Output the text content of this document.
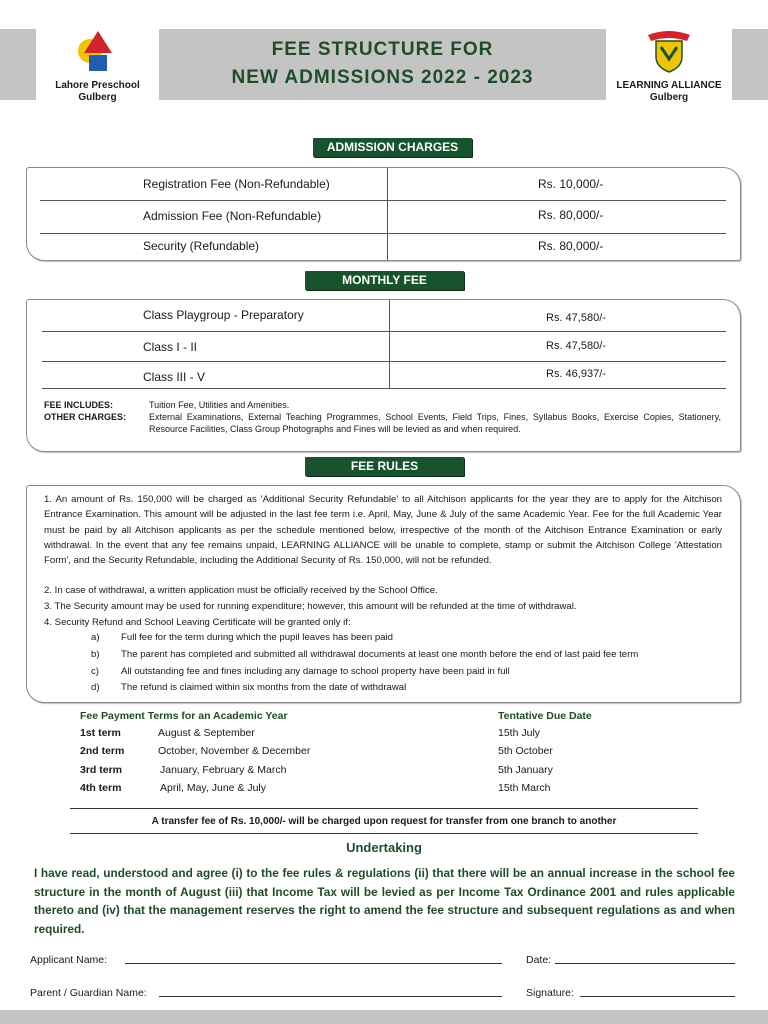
Lahore Preschool
Gulberg
FEE STRUCTURE FOR
NEW ADMISSIONS 2022 - 2023	LEARNING ALLIANCE
Gulberg
ADMISSION CHARGES
Registration Fee (Non-Refundable)	Rs. 10,000/-
Admission Fee (Non-Refundable)	Rs. 80,000/-
Security (Refundable)	Rs. 80,000/-
MONTHLY FEE
Class Playgroup - Preparatory	Rs. 47,580/-
Class I - II	Rs. 47,580/-
Class III - V	Rs. 46,937/-
FEE INCLUDES:	Tuition Fee, Utilities and Amenities.
OTHER CHARGES:	External Examinations, External Teaching Programmes, School Events, Field Trips, Fines, Syllabus Books, Exercise Copies, Stationery, Resource Facilities, Class Group Photographs and Fines will be levied as and when required.
FEE RULES
1. An amount of Rs. 150,000 will be charged as 'Additional Security Refundable' to all Aitchison applicants for the year they are to apply for the Aitchison Entrance Examination. This amount will be adjusted in the last fee term i.e. April, May, June & July of the same Academic Year. Fee for the full Academic Year must be paid by all Aitchison applicants as per the schedule mentioned below, irrespective of the month of the Aitchison Entrance Examination or early withdrawal. In the event that any fee remains unpaid, LEARNING ALLIANCE will be unable to complete, stamp or submit the Aitchison College 'Attestation Form', and the Security Refundable, including the Additional Security of Rs. 150,000, will not be refunded.
2. In case of withdrawal, a written application must be officially received by the School Office.
3. The Security amount may be used for running expenditure; however, this amount will be refunded at the time of withdrawal.
4. Security Refund and School Leaving Certificate will be granted only if:
a) Full fee for the term during which the pupil leaves has been paid
b) The parent has completed and submitted all withdrawal documents at least one month before the end of last paid fee term
c) All outstanding fee and fines including any damage to school property have been paid in full
d) The refund is claimed within six months from the date of withdrawal
Fee Payment Terms for an Academic Year	Tentative Due Date
1st term	August & September	15th July
2nd term	October, November & December	5th October
3rd term	January, February & March	5th January
4th term	April, May, June & July	15th March
A transfer fee of Rs. 10,000/- will be charged upon request for transfer from one branch to another
Undertaking
I have read, understood and agree (i) to the fee rules & regulations (ii) that there will be an annual increase in the school fee structure in the month of August (iii) that Income Tax will be levied as per Income Tax Ordinance 2001 and rules applicable thereto and (iv) that the management reserves the right to amend the fee structure and subsequent regulations as and when required.
Applicant Name:	Date:
Parent / Guardian Name:	Signature:
